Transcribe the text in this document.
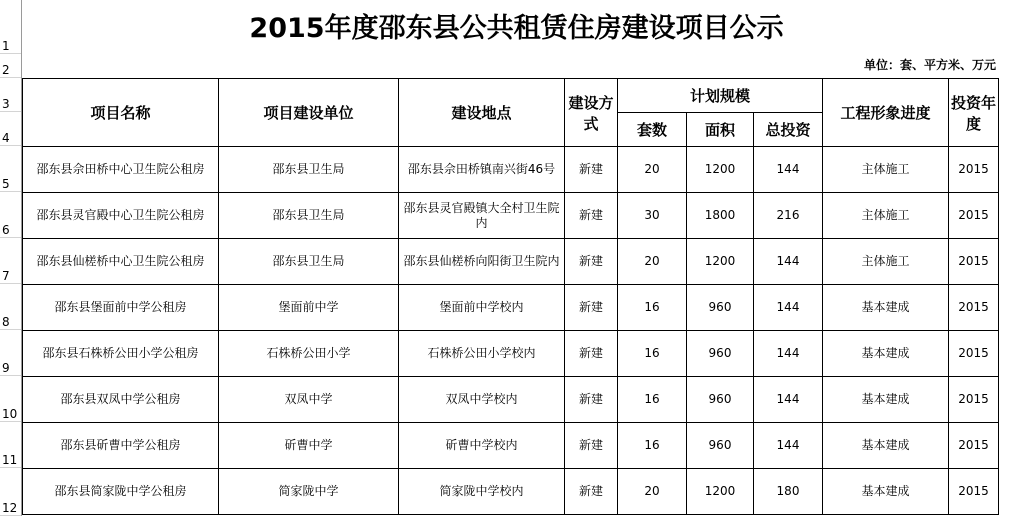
1
2
3
4
5
6
7
8
9
10
11
12
2015年度邵东县公共租赁住房建设项目公示
单位：套、平方米、万元
项目名称	项目建设单位	建设地点	建设方式	计划规模			工程形象进度	投资年度
				套数	面积	总投资		
邵东县佘田桥中心卫生院公租房	邵东县卫生局	邵东县佘田桥镇南兴街46号	新建	20	1200	144	主体施工	2015
邵东县灵官殿中心卫生院公租房	邵东县卫生局	邵东县灵官殿镇大全村卫生院内	新建	30	1800	216	主体施工	2015
邵东县仙槎桥中心卫生院公租房	邵东县卫生局	邵东县仙槎桥向阳街卫生院内	新建	20	1200	144	主体施工	2015
邵东县堡面前中学公租房	堡面前中学	堡面前中学校内	新建	16	960	144	基本建成	2015
邵东县石株桥公田小学公租房	石株桥公田小学	石株桥公田小学校内	新建	16	960	144	基本建成	2015
邵东县双凤中学公租房	双凤中学	双凤中学校内	新建	16	960	144	基本建成	2015
邵东县斫曹中学公租房	斫曹中学	斫曹中学校内	新建	16	960	144	基本建成	2015
邵东县简家陇中学公租房	简家陇中学	简家陇中学校内	新建	20	1200	180	基本建成	2015
